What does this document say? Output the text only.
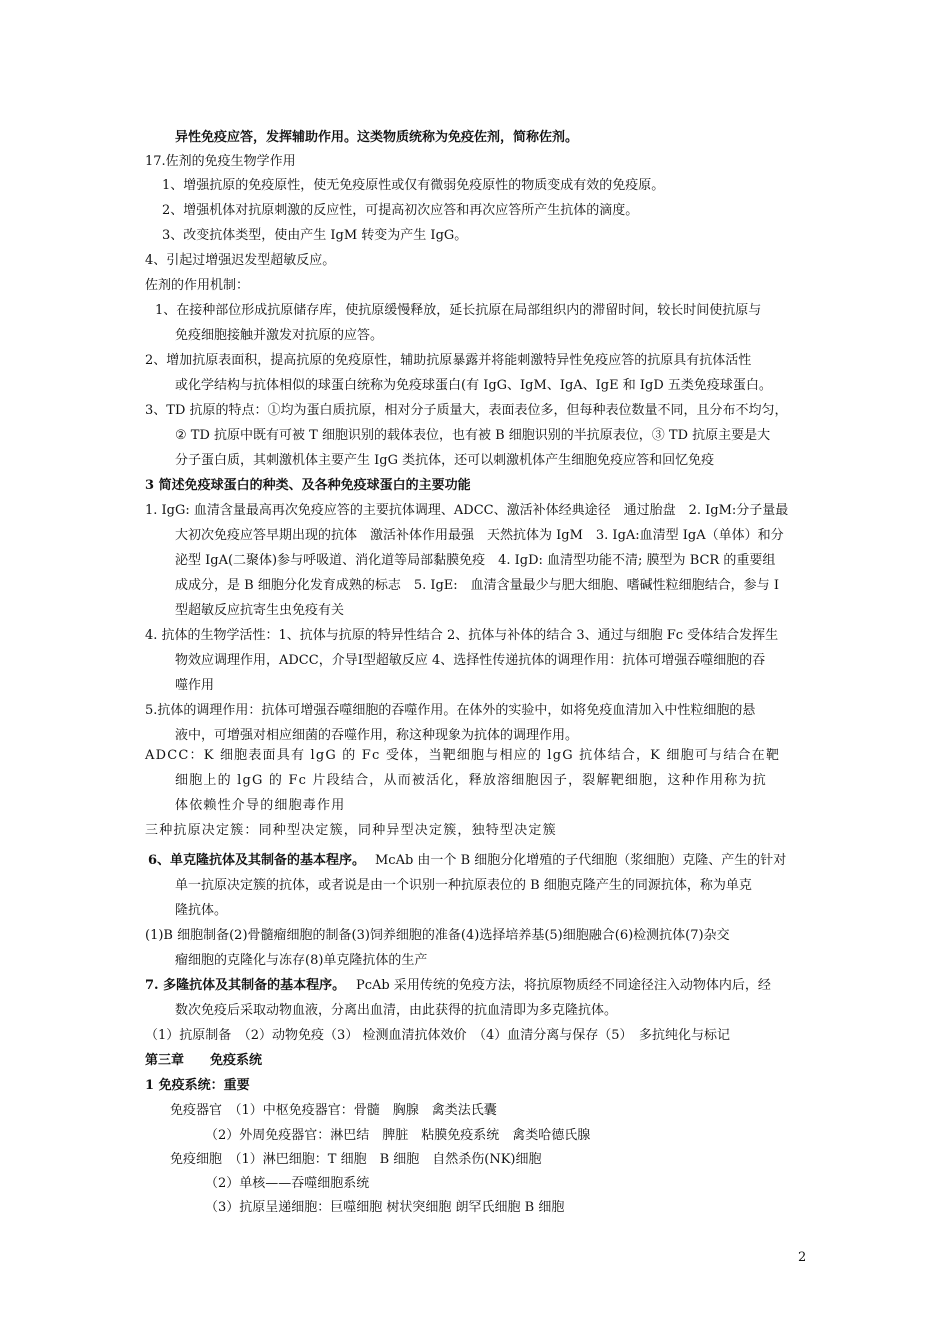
异性免疫应答，发挥辅助作用。这类物质统称为免疫佐剂，简称佐剂。
17.佐剂的免疫生物学作用
1、增强抗原的免疫原性，使无免疫原性或仅有微弱免疫原性的物质变成有效的免疫原。
2、增强机体对抗原刺激的反应性，可提高初次应答和再次应答所产生抗体的滴度。
3、改变抗体类型，使由产生 IgM 转变为产生 IgG。
4、引起过增强迟发型超敏反应。
佐剂的作用机制：
1、在接种部位形成抗原储存库，使抗原缓慢释放，延长抗原在局部组织内的滞留时间，较长时间使抗原与
免疫细胞接触并激发对抗原的应答。
2、增加抗原表面积，提高抗原的免疫原性，辅助抗原暴露并将能刺激特异性免疫应答的抗原具有抗体活性
或化学结构与抗体相似的球蛋白统称为免疫球蛋白(有 IgG、IgM、IgA、IgE 和 IgD 五类免疫球蛋白。
3、TD 抗原的特点：①均为蛋白质抗原，相对分子质量大，表面表位多，但每种表位数量不同，且分布不均匀，
② TD 抗原中既有可被 T 细胞识别的载体表位，也有被 B 细胞识别的半抗原表位，③ TD 抗原主要是大
分子蛋白质，其刺激机体主要产生 IgG 类抗体，还可以刺激机体产生细胞免疫应答和回忆免疫
3 简述免疫球蛋白的种类、及各种免疫球蛋白的主要功能
1. IgG: 血清含量最高再次免疫应答的主要抗体调理、ADCC、激活补体经典途径　通过胎盘　2. IgM:分子量最
大初次免疫应答早期出现的抗体　激活补体作用最强　天然抗体为 IgM　3. IgA:血清型 IgA（单体）和分
泌型 IgA(二聚体)参与呼吸道、消化道等局部黏膜免疫　4. IgD: 血清型功能不清; 膜型为 BCR 的重要组
成成分，是 B 细胞分化发育成熟的标志　5. IgE:　血清含量最少与肥大细胞、嗜碱性粒细胞结合，参与 I
型超敏反应抗寄生虫免疫有关
4. 抗体的生物学活性：1、抗体与抗原的特异性结合 2、抗体与补体的结合 3、通过与细胞 Fc 受体结合发挥生
物效应调理作用，ADCC，介导Ⅰ型超敏反应 4、选择性传递抗体的调理作用：抗体可增强吞噬细胞的吞
噬作用
5.抗体的调理作用：抗体可增强吞噬细胞的吞噬作用。在体外的实验中，如将免疫血清加入中性粒细胞的悬
液中，可增强对相应细菌的吞噬作用，称这种现象为抗体的调理作用。
ADCC：K 细胞表面具有 lgG 的 Fc 受体，当靶细胞与相应的 lgG 抗体结合，K 细胞可与结合在靶
细胞上的 lgG 的 Fc 片段结合，从而被活化，释放溶细胞因子，裂解靶细胞，这种作用称为抗
体依赖性介导的细胞毒作用
三种抗原决定簇：同种型决定簇，同种异型决定簇，独特型决定簇
6、单克隆抗体及其制备的基本程序。 McAb 由一个 B 细胞分化增殖的子代细胞（浆细胞）克隆、产生的针对
单一抗原决定簇的抗体，或者说是由一个识别一种抗原表位的 B 细胞克隆产生的同源抗体，称为单克
隆抗体。
(1)B 细胞制备(2)骨髓瘤细胞的制备(3)饲养细胞的准备(4)选择培养基(5)细胞融合(6)检测抗体(7)杂交
瘤细胞的克隆化与冻存(8)单克隆抗体的生产
7. 多隆抗体及其制备的基本程序。 PcAb 采用传统的免疫方法，将抗原物质经不同途径注入动物体内后，经
数次免疫后采取动物血液，分离出血清，由此获得的抗血清即为多克隆抗体。
（1）抗原制备　（2）动物免疫（3） 检测血清抗体效价　（4）血清分离与保存（5）　多抗纯化与标记
第三章　　免疫系统
1 免疫系统：重要
免疫器官　（1）中枢免疫器官：骨髓　胸腺　禽类法氏囊
（2）外周免疫器官：淋巴结　脾脏　粘膜免疫系统　禽类哈德氏腺
免疫细胞　（1）淋巴细胞：T 细胞　B 细胞　自然杀伤(NK)细胞
（2）单核——吞噬细胞系统
（3）抗原呈递细胞：巨噬细胞 树状突细胞 朗罕氏细胞 B 细胞
2
